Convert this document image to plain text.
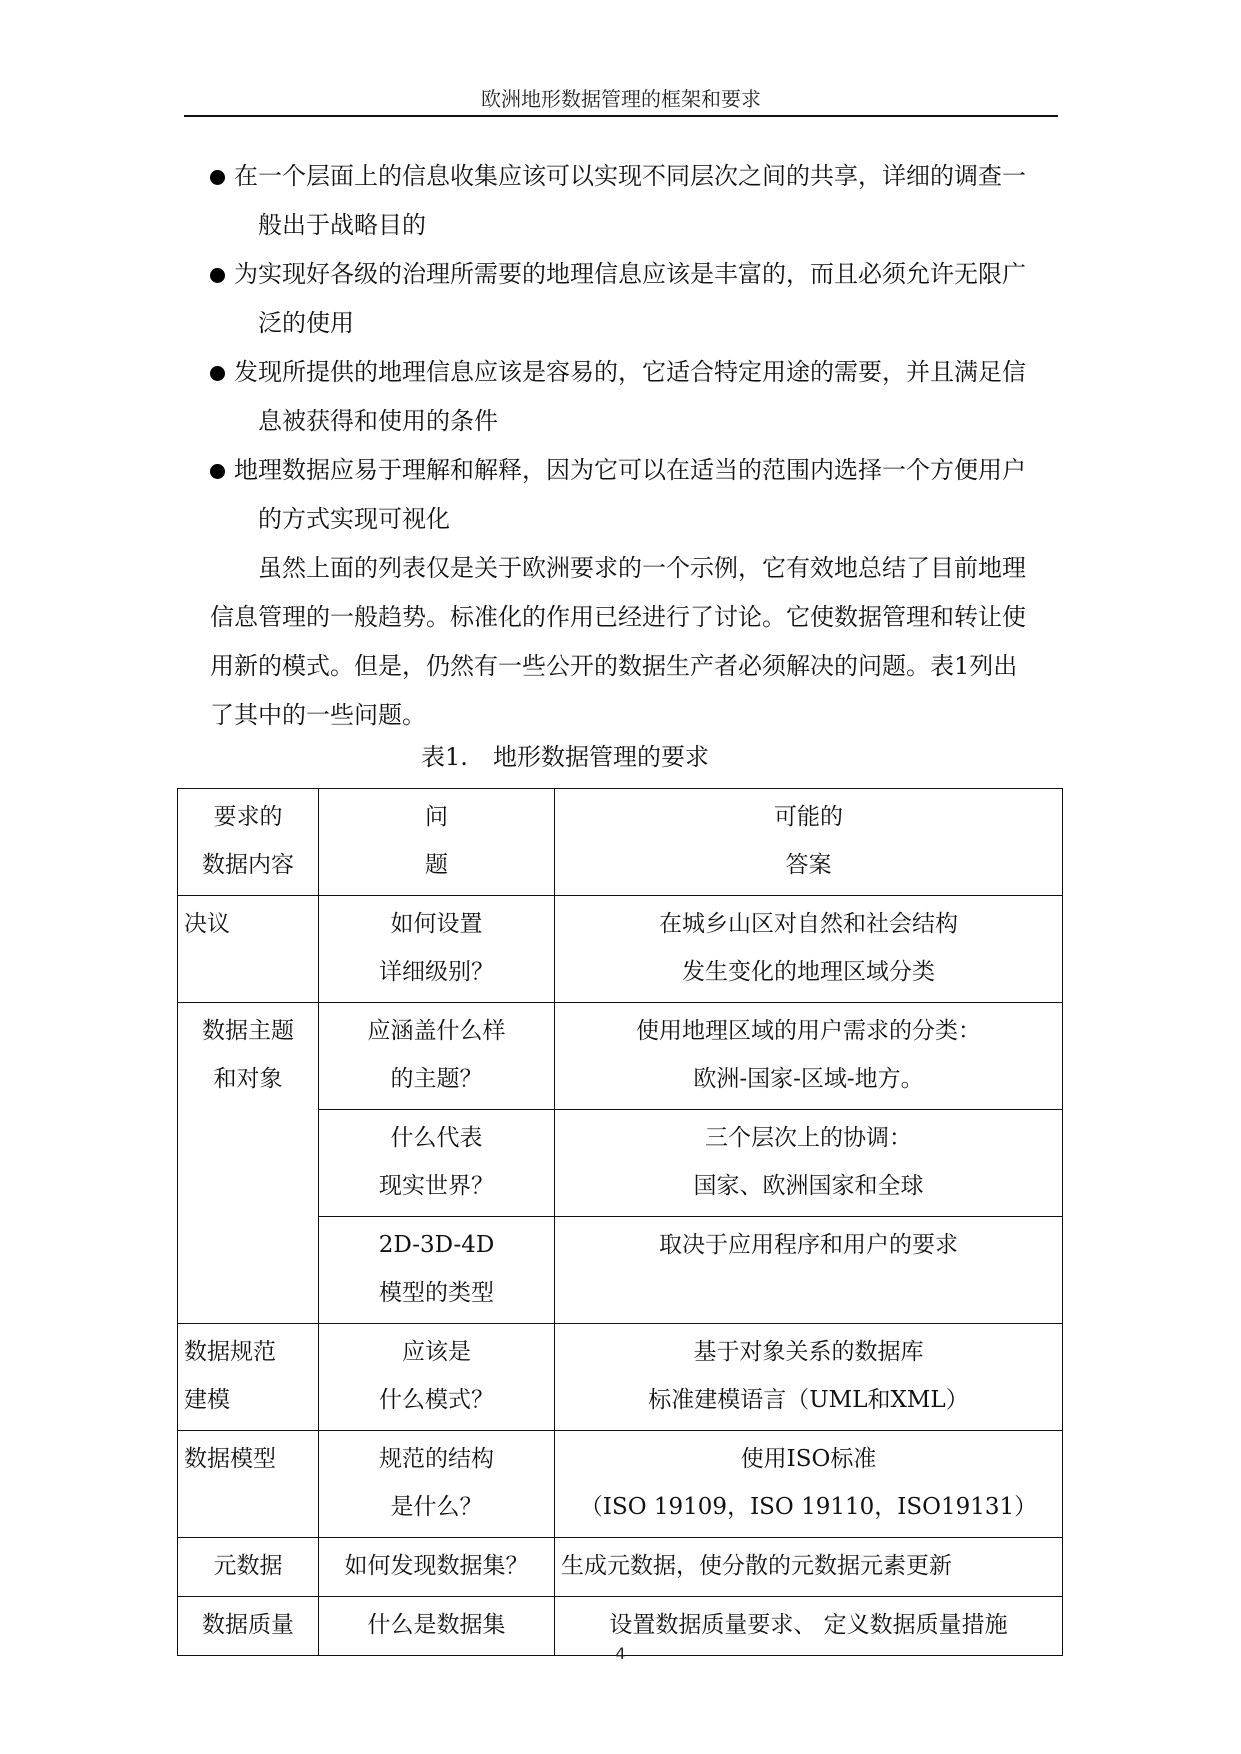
欧洲地形数据管理的框架和要求
在一个层面上的信息收集应该可以实现不同层次之间的共享，详细的调查一
般出于战略目的
为实现好各级的治理所需要的地理信息应该是丰富的，而且必须允许无限广
泛的使用
发现所提供的地理信息应该是容易的，它适合特定用途的需要，并且满足信
息被获得和使用的条件
地理数据应易于理解和解释，因为它可以在适当的范围内选择一个方便用户
的方式实现可视化
虽然上面的列表仅是关于欧洲要求的一个示例，它有效地总结了目前地理
信息管理的一般趋势。标准化的作用已经进行了讨论。它使数据管理和转让使
用新的模式。但是，仍然有一些公开的数据生产者必须解决的问题。表1列出
了其中的一些问题。
表1. 地形数据管理的要求
要求的
数据内容	问
题	可能的
答案

决议	如何设置
详细级别？	在城乡山区对自然和社会结构
发生变化的地理区域分类

数据主题
和对象	应涵盖什么样
的主题？	使用地理区域的用户需求的分类：
欧洲-国家-区域-地方。

	什么代表
现实世界？	三个层次上的协调：
国家、欧洲国家和全球

	2D-3D-4D
模型的类型	取决于应用程序和用户的要求

数据规范
建模	应该是
什么模式？	基于对象关系的数据库
标准建模语言（UML和XML）

数据模型	规范的结构
是什么？	使用ISO标准
（ISO 19109，ISO 19110，ISO19131）

元数据	如何发现数据集？	生成元数据，使分散的元数据元素更新

数据质量	什么是数据集	设置数据质量要求、 定义数据质量措施
4
